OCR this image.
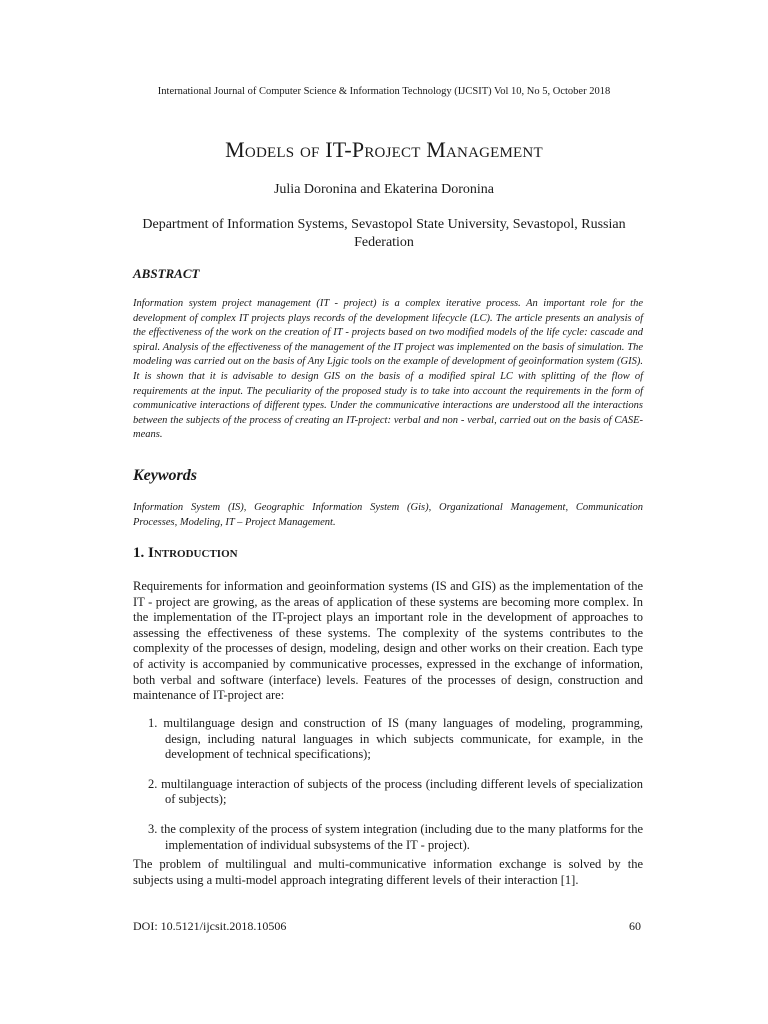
International Journal of Computer Science & Information Technology (IJCSIT) Vol 10, No 5, October 2018
Models of IT-Project Management
Julia Doronina and Ekaterina Doronina
Department of Information Systems, Sevastopol State University, Sevastopol, Russian Federation
ABSTRACT
Information system project management (IT - project) is a complex iterative process. An important role for the development of complex IT projects plays records of the development lifecycle (LC). The article presents an analysis of the effectiveness of the work on the creation of IT - projects based on two modified models of the life cycle: cascade and spiral. Analysis of the effectiveness of the management of the IT project was implemented on the basis of simulation. The modeling was carried out on the basis of Any Ljgic tools on the example of development of geoinformation system (GIS). It is shown that it is advisable to design GIS on the basis of a modified spiral LC with splitting of the flow of requirements at the input. The peculiarity of the proposed study is to take into account the requirements in the form of communicative interactions of different types. Under the communicative interactions are understood all the interactions between the subjects of the process of creating an IT-project: verbal and non - verbal, carried out on the basis of CASE-means.
Keywords
Information System (IS), Geographic Information System (Gis), Organizational Management, Communication Processes, Modeling, IT – Project Management.
1. Introduction
Requirements for information and geoinformation systems (IS and GIS) as the implementation of the IT - project are growing, as the areas of application of these systems are becoming more complex. In the implementation of the IT-project plays an important role in the development of approaches to assessing the effectiveness of these systems. The complexity of the systems contributes to the complexity of the processes of design, modeling, design and other works on their creation. Each type of activity is accompanied by communicative processes, expressed in the exchange of information, both verbal and software (interface) levels. Features of the processes of design, construction and maintenance of IT-project are:
1. multilanguage design and construction of IS (many languages of modeling, programming, design, including natural languages in which subjects communicate, for example, in the development of technical specifications);
2. multilanguage interaction of subjects of the process (including different levels of specialization of subjects);
3. the complexity of the process of system integration (including due to the many platforms for the implementation of individual subsystems of the IT - project).
The problem of multilingual and multi-communicative information exchange is solved by the subjects using a multi-model approach integrating different levels of their interaction [1].
DOI: 10.5121/ijcsit.2018.10506	60
